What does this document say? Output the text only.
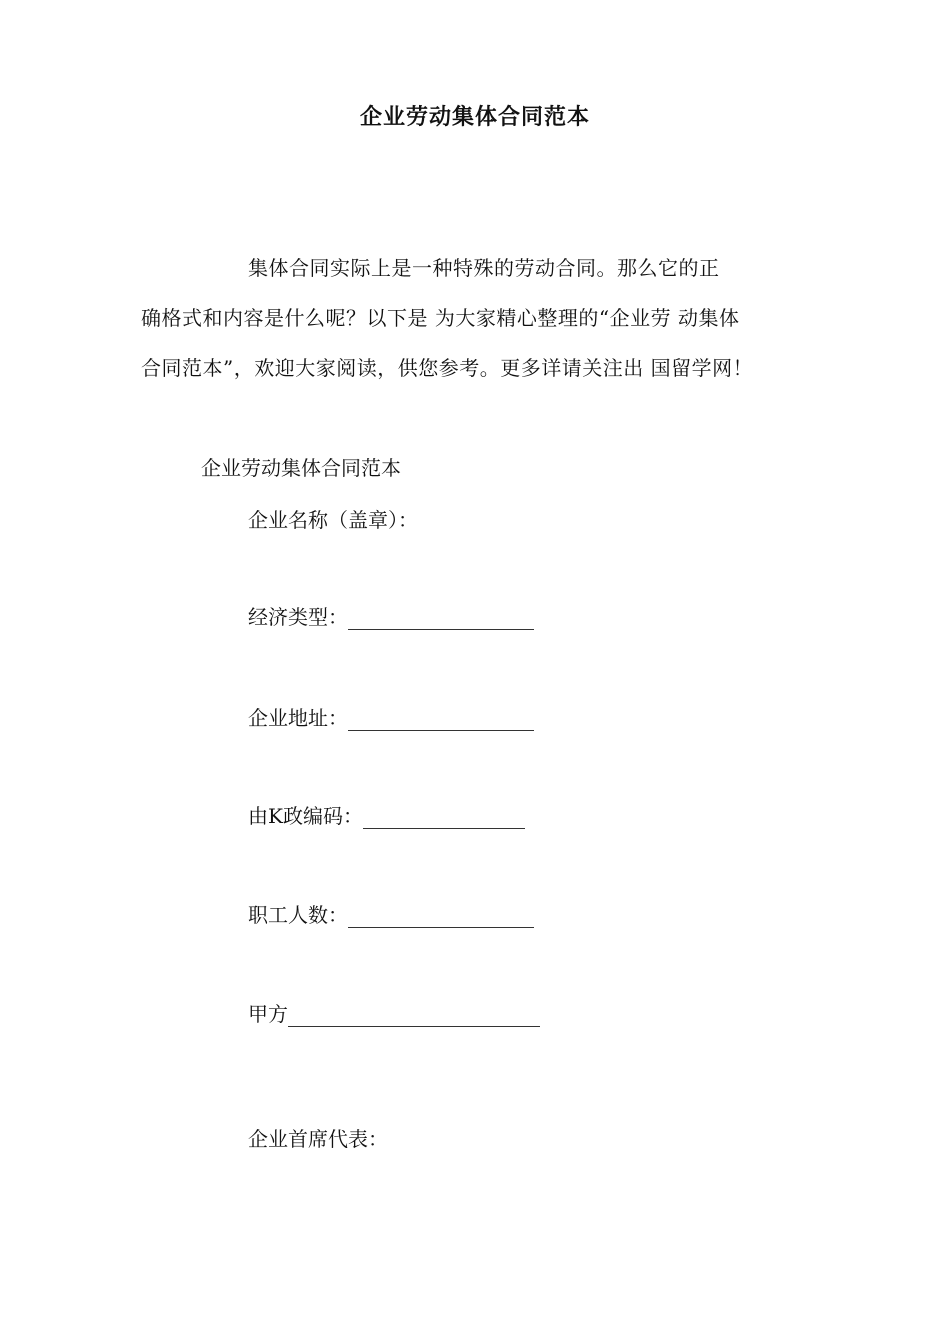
企业劳动集体合同范本
集体合同实际上是一种特殊的劳动合同。那么它的正
确格式和内容是什么呢？以下是 为大家精心整理的“企业劳 动集体
合同范本”，欢迎大家阅读，供您参考。更多详请关注出 国留学网！
企业劳动集体合同范本
企业名称（盖章）：
经济类型：
企业地址：
由K政编码：
职工人数：
甲方
企业首席代表：
